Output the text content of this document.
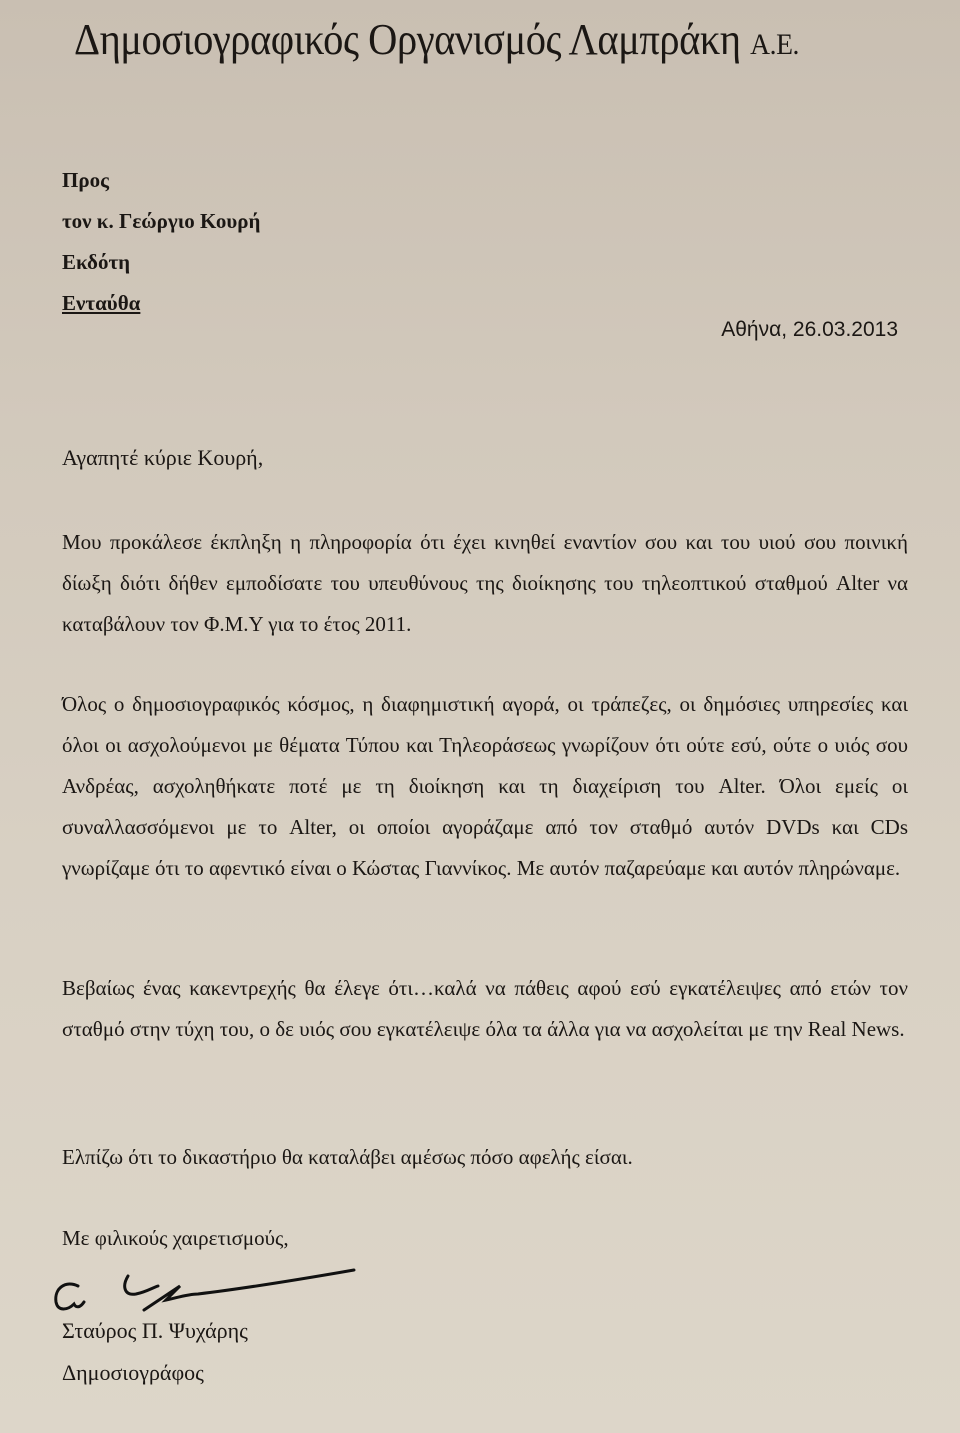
Δημοσιογραφικός Οργανισμός Λαμπράκη Α.Ε.
Προς
τον κ. Γεώργιο Κουρή
Εκδότη
Ενταύθα
Αθήνα, 26.03.2013
Αγαπητέ κύριε Κουρή,

Μου προκάλεσε έκπληξη η πληροφορία ότι έχει κινηθεί εναντίον σου και του υιού σου ποινική δίωξη διότι δήθεν εμποδίσατε του υπευθύνους της διοίκησης του τηλεοπτικού σταθμού Alter να καταβάλουν τον Φ.Μ.Υ για το έτος 2011.

Όλος ο δημοσιογραφικός κόσμος, η διαφημιστική αγορά, οι τράπεζες, οι δημόσιες υπηρεσίες και όλοι οι ασχολούμενοι με θέματα Τύπου και Τηλεοράσεως γνωρίζουν ότι ούτε εσύ, ούτε ο υιός σου Ανδρέας, ασχοληθήκατε ποτέ με τη διοίκηση και τη διαχείριση του Alter. Όλοι εμείς οι συναλλασσόμενοι με το Alter, οι οποίοι αγοράζαμε από τον σταθμό αυτόν DVDs και CDs γνωρίζαμε ότι το αφεντικό είναι ο Κώστας Γιαννίκος. Με αυτόν παζαρεύαμε και αυτόν πληρώναμε.

Βεβαίως ένας κακεντρεχής θα έλεγε ότι…καλά να πάθεις αφού εσύ εγκατέλειψες από ετών τον σταθμό στην τύχη του, ο δε υιός σου εγκατέλειψε όλα τα άλλα για να ασχολείται με την Real News.

Ελπίζω ότι το δικαστήριο θα καταλάβει αμέσως πόσο αφελής είσαι.

Με φιλικούς χαιρετισμούς,
Σταύρος Π. Ψυχάρης
Δημοσιογράφος
